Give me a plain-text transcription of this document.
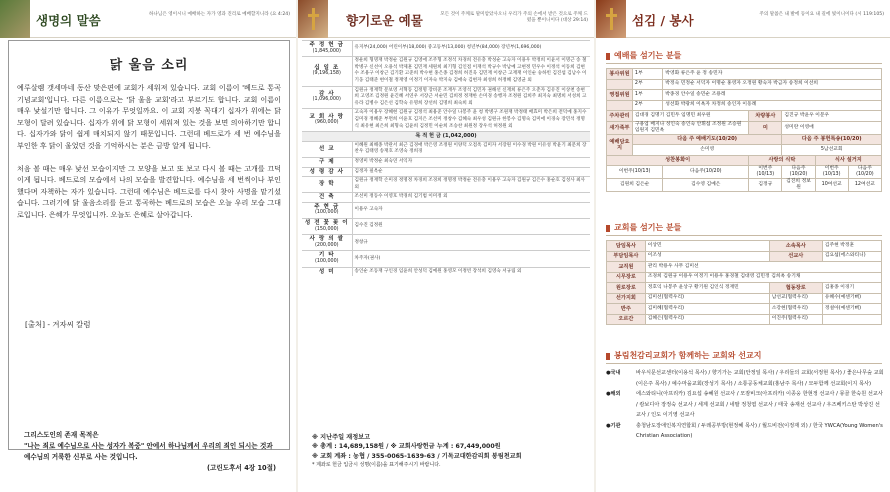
생명의 말씀	하나님은 영이시니 예배하는 자가 영과 진리로 예배할지니라 (요 4:24)
닭 울음 소리

예루살렘 갯세마네 동산 맞은편에 교회가 세워져 있습니다. 교회 이름이 '베드로 통곡 기념교회'입니다. 다른 이름으로는 '닭 울음 교회'라고 부르기도 합니다. 교회 이름이 매우 낯설기만 합니다. 그 이유가 무엇일까요. 이 교회 지붕 꼭대기 십자가 위에는 닭 모형이 달려 있습니다. 십자가 위에 닭 모형이 세워져 있는 것을 보면 의아하기만 합니다. 십자가와 닭이 쉽게 매치되지 않기 때문입니다. 그런데 베드로가 세 번 예수님을 부인한 후 닭이 울었던 것을 기억하시는 분은 금방 알게 됩니다.

처음 볼 때는 매우 낯선 모습이지만 그 모양을 보고 또 보고 다시 볼 때는 고개를 끄덕이게 됩니다. 베드로의 모습에서 나의 모습을 발견합니다. 예수님을 세 번씩이나 부인했다며 자책하는 자가 있습니다. 그런데 예수님은 베드로를 다시 찾아 사명을 맡기셨습니다. 그러기에 닭 울음소리를 듣고 통곡하는 베드로의 모습은 오늘 우리 모습 그대로입니다. 은혜가 무엇입니까. 오늘도 은혜로 살아갑니다.

[출처] - 겨자씨 칼럼
그리스도인의 존재 목적은
"나는 죄로 예수님으로 사는 성자가 복중" 안에서 하나님께서 우리의 죄인 되시는 것과 예수님의 거룩한 신부로 사는 것입니다.
(고린도후서 4장 10절)
향기로운 예물	모든 것이 주께로 말미암았사오니 우리가 주의 손에서 받은 것으로 주께 드렸을 뿐이니이다 (대상 29:14)
주 정 헌 금
(1,845,000)	유지부(24,000) 어린이부(18,000) 중고등부(13,000) 청년부(84,000) 장년부(1,696,000)
십 일 조
(9,196,158)	정운희 형명재 박정순 김원규 김영애 조주형 조정석 차경희 전유충 박성순 고숙자 이용우 박정희 이윤서 이명근 송 철 박병구 신선이 오용석 박제훈 김민재 세원희 최기형 김인점 이재석 박규수 박남예 고현정 민우수 이정석 이동희 김현수 조용구 이창근 김기환 고준희 박수현 홍은종 김정희 허진욱 김민재 이창근 고재재 이인순 숭하빈 김진섭 김남수 이기웅 김태준 현이철 정재영 이정기 이자숙 박지숙 김애숙 김현자 최성희 허정혜 김영균 외
감 사
(1,096,000)	김원규 정재학 문보영 서혁동 김정명 장비준 조재두 조영석 김민자 권해선 신재희 류은주 오춘자 김유진 이상천 송현희 고영조 김정원 윤긴혜 서연우 서장근 서순민 김희정 정재한 손미경 송행자 조정원 김희주 최지숙 최명희 서성희 고유라 김병수 김은선 김학숙 유명희 장선희 김명희 최숙희 외
교 회 사 랑
(960,000)	고숙자 이용우 장혜현 김원규 김정석 최용준 안수일 나봉주 윤 청 박병구 조원재 박정태 배효미 박은희 전덕예 홍지수 김미경 정혜준 부면희 이윤호 김지은 조선미 정창수 김혜숙 최우성 김원규 한봉수 김명숙 김미애 이경숙 장민석 정명식 최유현 최은희 최형숙 김윤희 김정민 이순희 조승찬 최원정 장우석 허정원 외
목 적 헌 금 (1,042,000)	
선 교	이혜원 최해종 박관서 최근 김경애 박은영 조정원 이양덕 오점옥 김미자 서장원 이수경 박원 이유성 박윤기 최문희 장찬우 김태영 송재호 조영숙 정희경
구 제	정영미 박정순 최숙연 서익자
성 령 감 사	김정자 필옥순
장 학	김원규 정재학 손미경 정명정 차경희 조경희 정명정 박정순 전유충 이용우 고숙자 김원규 김은수 홍순호 김성사 최사 외
건 축	조선미 정동수 이영호 박경희 김기범 이미정 외
주 현 금
(100,000)	이용우 고숙자
성 전 꽃 꽂 이
(150,000)	김수진 김정원
사 랑 의 쌀
(200,000)	정창규
기 타
(100,000)	차주자(권사)
성 미	송인순 조동재 구인경 임윤희 안성덕 김예원 홍영모 이정빈 장석희 김영숙 서규림 외
※ 지난주일 재정보고
※ 총계 : 14,689,158원 / ※ 교회사랑헌금 누계 : 67,449,000원
※ 교회 계좌 : 농협 / 355-0065-1639-63 / 기독교대한감리회 봉림천교회
* 계좌로 헌금 입금시 성명(이름)을 표기해주시기 바랍니다.
섬김 / 봉사	주의 말씀은 내 발에 등이요 내 길에 빛이니이다 (시 119:105)
예배를 섬기는 분들
봉사위원	1부	박영화 류은주 윤 정 송민자				
	2부	박정숙 민정순 서덕자 이명순 홍영자 오정원 황숙자 박금자 송정희 이선희				
영접위원	1부	박종경 안수일 송민순 조용레				
	2부	성선화 박광희 이옥자 차정희 송인자 이동례				
주차관리	김대경 김명기 김민두 임명민 최우원		차량봉사	김진규 박윤우 이문우		
새가족부	구용업 배지나 성인숙 송인숙 안휘섭 조정원 조승원 임원지 김민옥		미	성미란 이영애		
예배담요지	다음 주 예배기도(10/20)			다음 주 봉헌특송(10/20)		
	손미영			5남선교회		
성찬봉화이			사랑의 식탁		식사 설거지	
이번주(10/13)		다음주(10/20)	이번주(10/13)	다음주(10/20)	이번주(10/13)	다음주(10/20)
김원희 김은순		김수영 김예은	김정규	김진희 정보원	10여선교	12여선교
교회를 섬기는 분들
담임목사	이상민	소속목사	김주현 박정훈
부담임목사	이조성	선교사	김요섭(에스와티니)
교직원	관리 박용우 사무 김미선		
시무장로	조경희 김원규 이용우 이정기 이용우 홍경철 김대영 김민정 김희옥 송기채		
원로장로	정호익 나봉주 윤상구 황기원 김인식 정재민	협동장로	김홍종 이경기
선가지회	김미선(협력우리)	남선교(협력우리)	유혜수(예센기뻐)
반주	김미혜(협력우리)	소강현(협력우리)	정설아(예센기뻐)
오르간	김혜은(협력우리)	이진주(협력우리)	
봉림천감리교회가 함께하는 교회와 선교지
●국내	바우식문선교센터(이용석 목사) / 향기가는 교회(안정일 목사) / 우리들의 교회(서정현 목사) / 좋은나무숲 교회(이은주 목사) / 예수마을교회(장성기 목사) / 소통공동체교회(홍남주 목사) / 모두함께 선교회(이지 목사)
●해외	에스와티니(아프리카) 김요섭 송혜원 선교사 / 모잠비크(아프리카) 이종웅 한현정 선교사 / 몽골 한숙원 선교사 / 캄보디아 장정숙 선교사 / 세계 선교회 / 네팔 정청엽 선교사 / 태국 송재선 선교사 / 우즈베키스탄 박상진 선교사 / 인도 이기영 선교사
●기관	충청남도장애인복지연합회 / 두레공부방(현정혜 목사) / 월드비전(이정재 외) / 한국 YWCA(Young Women's Christian Association)
